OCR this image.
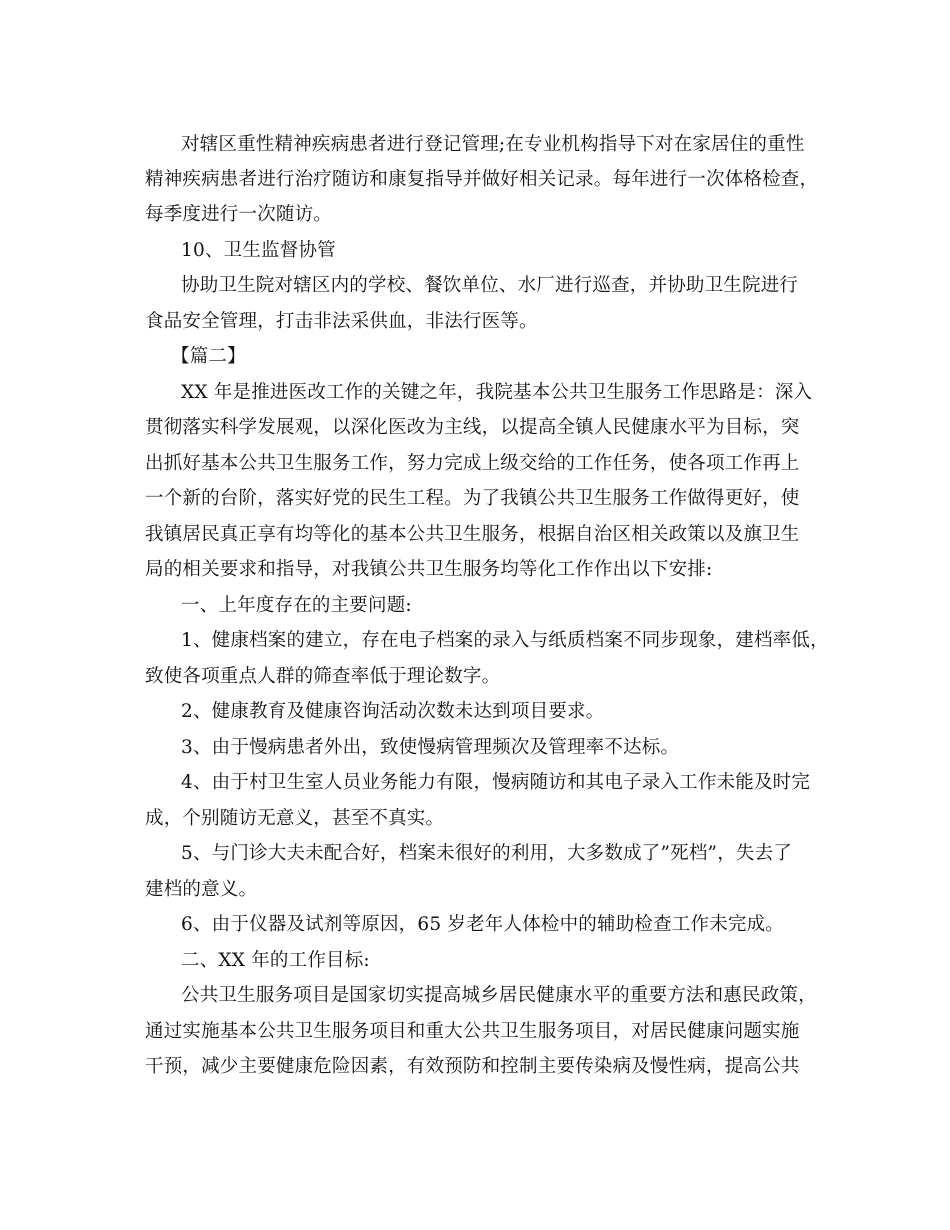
对辖区重性精神疾病患者进行登记管理;在专业机构指导下对在家居住的重性
精神疾病患者进行治疗随访和康复指导并做好相关记录。每年进行一次体格检查，
每季度进行一次随访。
10、卫生监督协管
协助卫生院对辖区内的学校、餐饮单位、水厂进行巡查，并协助卫生院进行
食品安全管理，打击非法采供血，非法行医等。
【篇二】
XX 年是推进医改工作的关键之年，我院基本公共卫生服务工作思路是：深入
贯彻落实科学发展观，以深化医改为主线，以提高全镇人民健康水平为目标，突
出抓好基本公共卫生服务工作，努力完成上级交给的工作任务，使各项工作再上
一个新的台阶，落实好党的民生工程。为了我镇公共卫生服务工作做得更好，使
我镇居民真正享有均等化的基本公共卫生服务，根据自治区相关政策以及旗卫生
局的相关要求和指导，对我镇公共卫生服务均等化工作作出以下安排:
一、上年度存在的主要问题:
1、健康档案的建立，存在电子档案的录入与纸质档案不同步现象，建档率低，
致使各项重点人群的筛查率低于理论数字。
2、健康教育及健康咨询活动次数未达到项目要求。
3、由于慢病患者外出，致使慢病管理频次及管理率不达标。
4、由于村卫生室人员业务能力有限，慢病随访和其电子录入工作未能及时完
成，个别随访无意义，甚至不真实。
5、与门诊大夫未配合好，档案未很好的利用，大多数成了”死档”，失去了
建档的意义。
6、由于仪器及试剂等原因，65 岁老年人体检中的辅助检查工作未完成。
二、XX 年的工作目标:
公共卫生服务项目是国家切实提高城乡居民健康水平的重要方法和惠民政策，
通过实施基本公共卫生服务项目和重大公共卫生服务项目，对居民健康问题实施
干预，减少主要健康危险因素，有效预防和控制主要传染病及慢性病，提高公共
